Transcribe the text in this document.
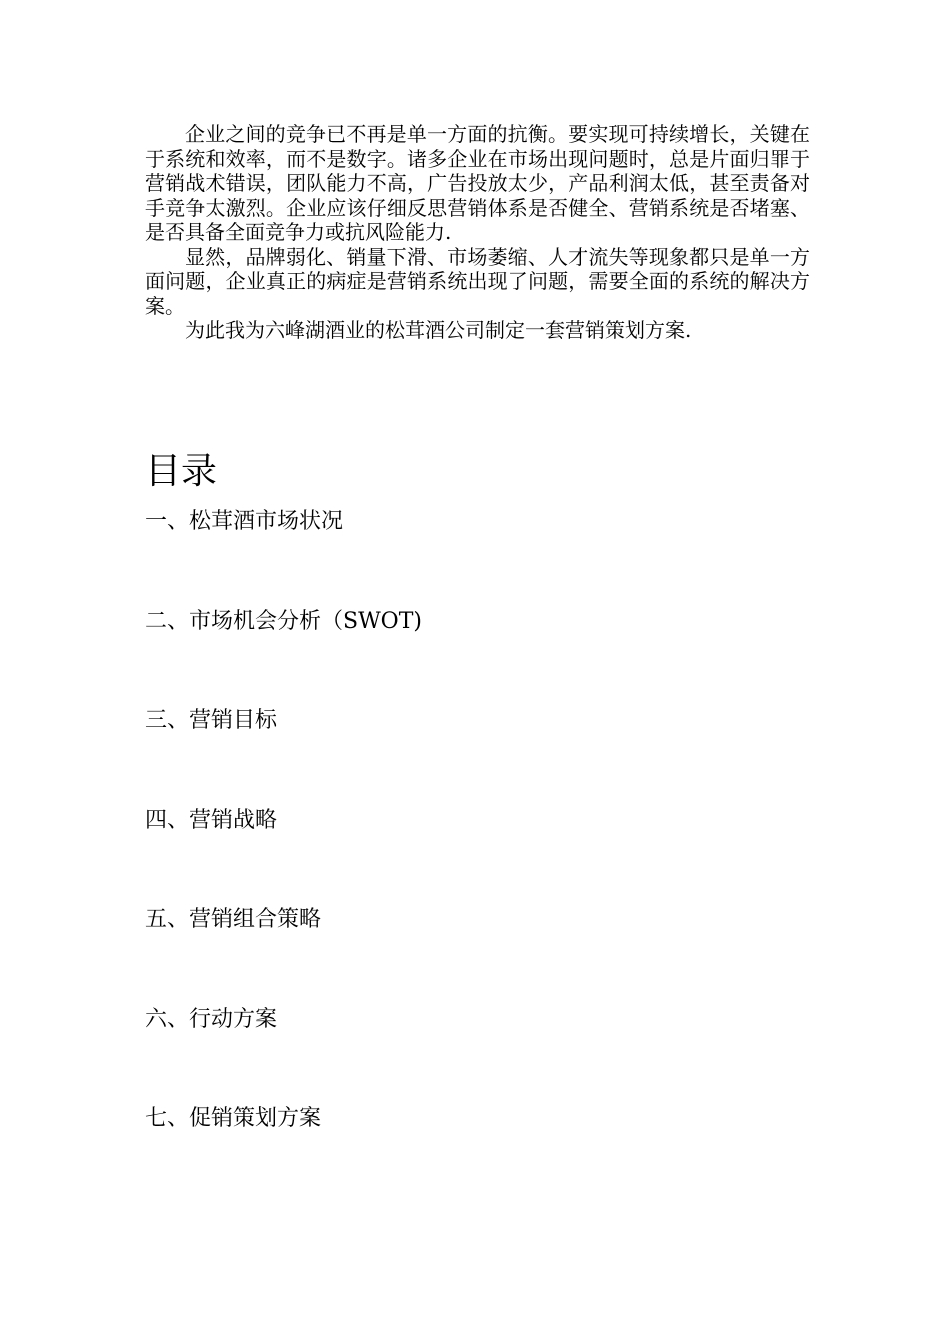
企业之间的竞争已不再是单一方面的抗衡。要实现可持续增长，关键在于系统和效率，而不是数字。诸多企业在市场出现问题时，总是片面归罪于营销战术错误，团队能力不高，广告投放太少，产品利润太低，甚至责备对手竞争太激烈。企业应该仔细反思营销体系是否健全、营销系统是否堵塞、是否具备全面竞争力或抗风险能力.

显然，品牌弱化、销量下滑、市场萎缩、人才流失等现象都只是单一方面问题，企业真正的病症是营销系统出现了问题，需要全面的系统的解决方案。

为此我为六峰湖酒业的松茸酒公司制定一套营销策划方案.

目录
一、松茸酒市场状况
二、市场机会分析（SWOT)
三、营销目标
四、营销战略
五、营销组合策略
六、行动方案
七、促销策划方案
